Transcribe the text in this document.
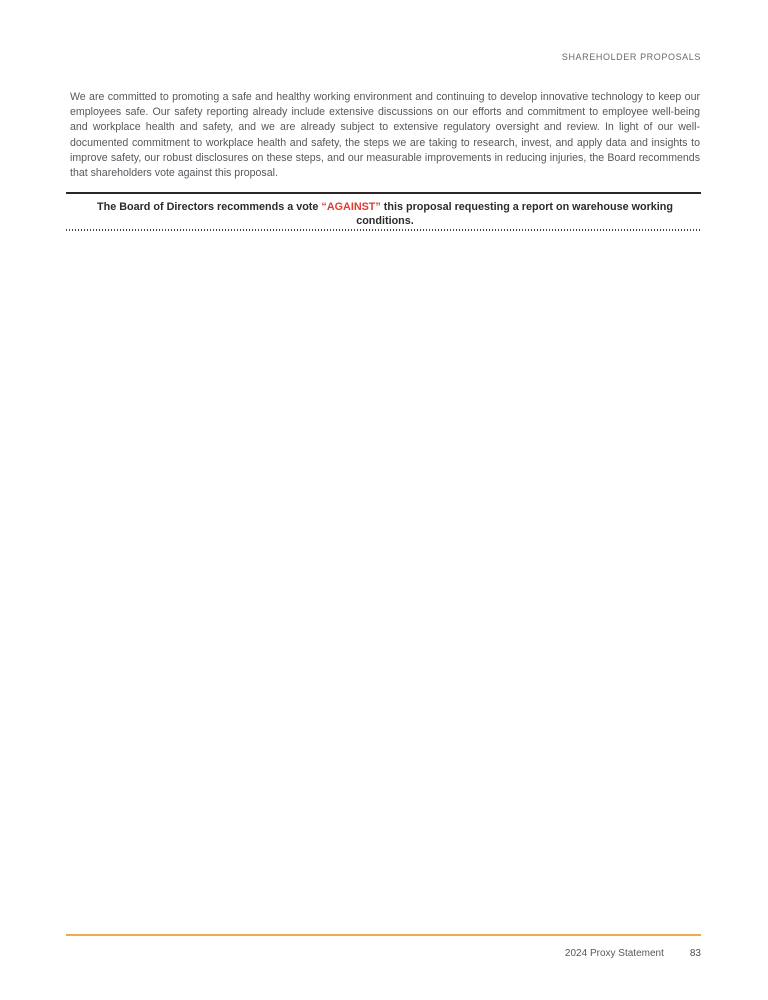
SHAREHOLDER PROPOSALS
We are committed to promoting a safe and healthy working environment and continuing to develop innovative technology to keep our employees safe. Our safety reporting already include extensive discussions on our efforts and commitment to employee well-being and workplace health and safety, and we are already subject to extensive regulatory oversight and review. In light of our well-documented commitment to workplace health and safety, the steps we are taking to research, invest, and apply data and insights to improve safety, our robust disclosures on these steps, and our measurable improvements in reducing injuries, the Board recommends that shareholders vote against this proposal.
The Board of Directors recommends a vote “AGAINST” this proposal requesting a report on warehouse working conditions.
2024 Proxy Statement	83
